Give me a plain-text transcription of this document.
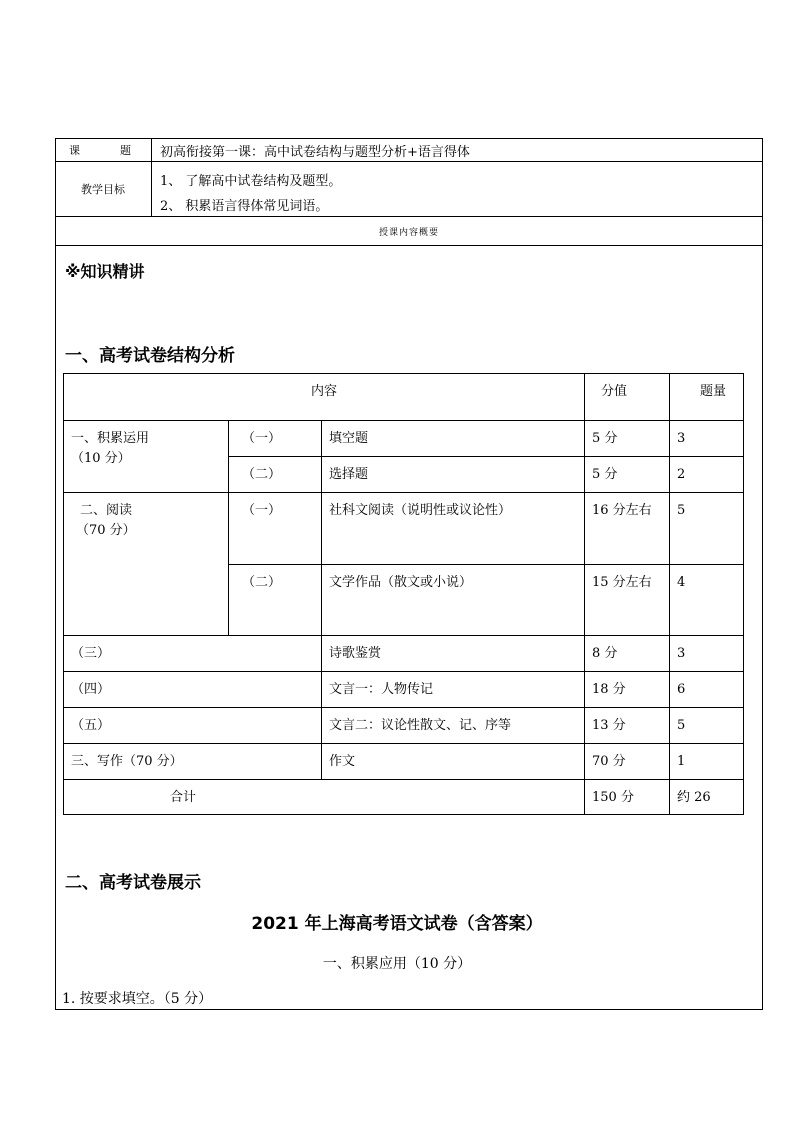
课　　题	初高衔接第一课：高中试卷结构与题型分析+语言得体
教学目标
1、 了解高中试卷结构及题型。
2、 积累语言得体常见词语。
授课内容概要
※知识精讲
一、高考试卷结构分析
内容	分值	题量
一、积累运用
（10 分）
（一）	填空题	5 分	3
（二）	选择题	5 分	2
二、阅读
（70 分）
（一）	社科文阅读（说明性或议论性）	16 分左右	5
（二）	文学作品（散文或小说）	15 分左右	4
（三）	诗歌鉴赏	8 分	3
（四）	文言一：人物传记	18 分	6
（五）	文言二：议论性散文、记、序等	13 分	5
三、写作（70 分）	作文	70 分	1
合计	150 分	约 26
二、高考试卷展示
2021 年上海高考语文试卷（含答案）
一、积累应用（10 分）
1. 按要求填空。（5 分）
